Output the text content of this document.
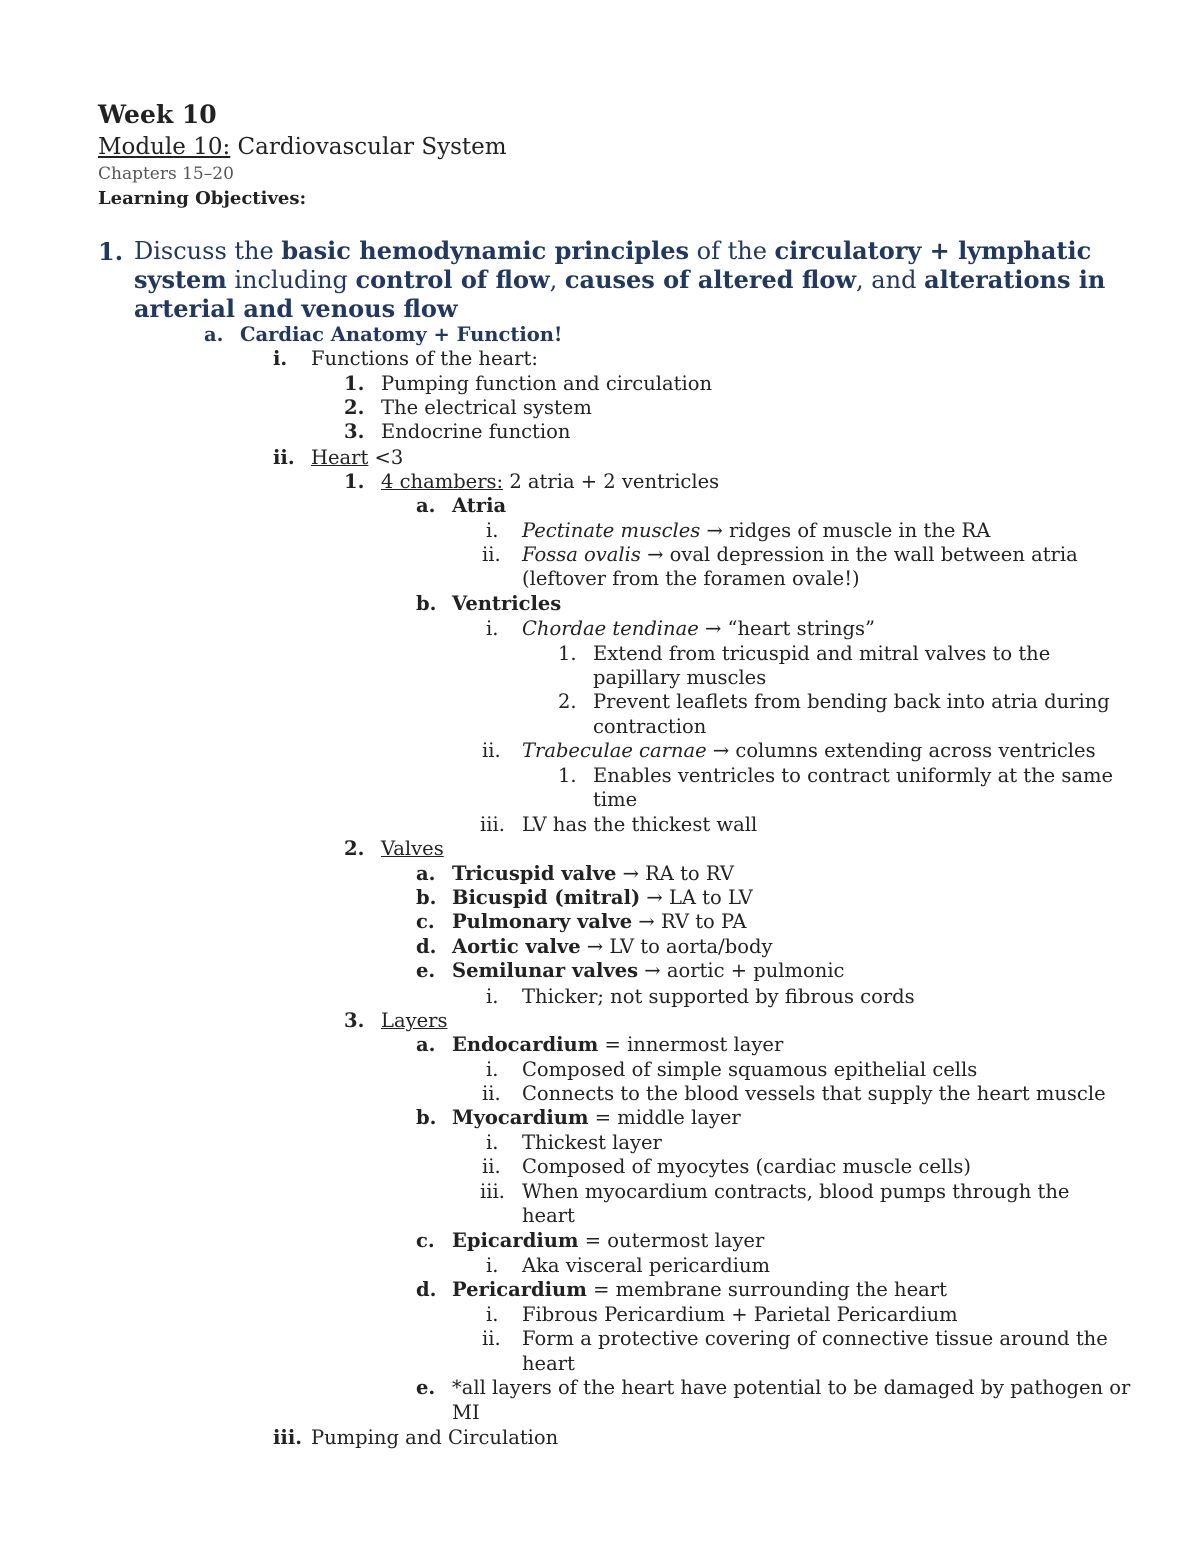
Week 10
Module 10: Cardiovascular System
Chapters 15–20
Learning Objectives:
1. Discuss the basic hemodynamic principles of the circulatory + lymphatic
system including control of flow, causes of altered flow, and alterations in
arterial and venous flow
a. Cardiac Anatomy + Function!
i. Functions of the heart:
1. Pumping function and circulation
2. The electrical system
3. Endocrine function
ii. Heart <3
1. 4 chambers: 2 atria + 2 ventricles
a. Atria
i. Pectinate muscles → ridges of muscle in the RA
ii. Fossa ovalis → oval depression in the wall between atria
(leftover from the foramen ovale!)
b. Ventricles
i. Chordae tendinae → “heart strings”
1. Extend from tricuspid and mitral valves to the
papillary muscles
2. Prevent leaflets from bending back into atria during
contraction
ii. Trabeculae carnae → columns extending across ventricles
1. Enables ventricles to contract uniformly at the same
time
iii. LV has the thickest wall
2. Valves
a. Tricuspid valve → RA to RV
b. Bicuspid (mitral) → LA to LV
c. Pulmonary valve → RV to PA
d. Aortic valve → LV to aorta/body
e. Semilunar valves → aortic + pulmonic
i. Thicker; not supported by fibrous cords
3. Layers
a. Endocardium = innermost layer
i. Composed of simple squamous epithelial cells
ii. Connects to the blood vessels that supply the heart muscle
b. Myocardium = middle layer
i. Thickest layer
ii. Composed of myocytes (cardiac muscle cells)
iii. When myocardium contracts, blood pumps through the
heart
c. Epicardium = outermost layer
i. Aka visceral pericardium
d. Pericardium = membrane surrounding the heart
i. Fibrous Pericardium + Parietal Pericardium
ii. Form a protective covering of connective tissue around the
heart
e. *all layers of the heart have potential to be damaged by pathogen or
MI
iii. Pumping and Circulation
